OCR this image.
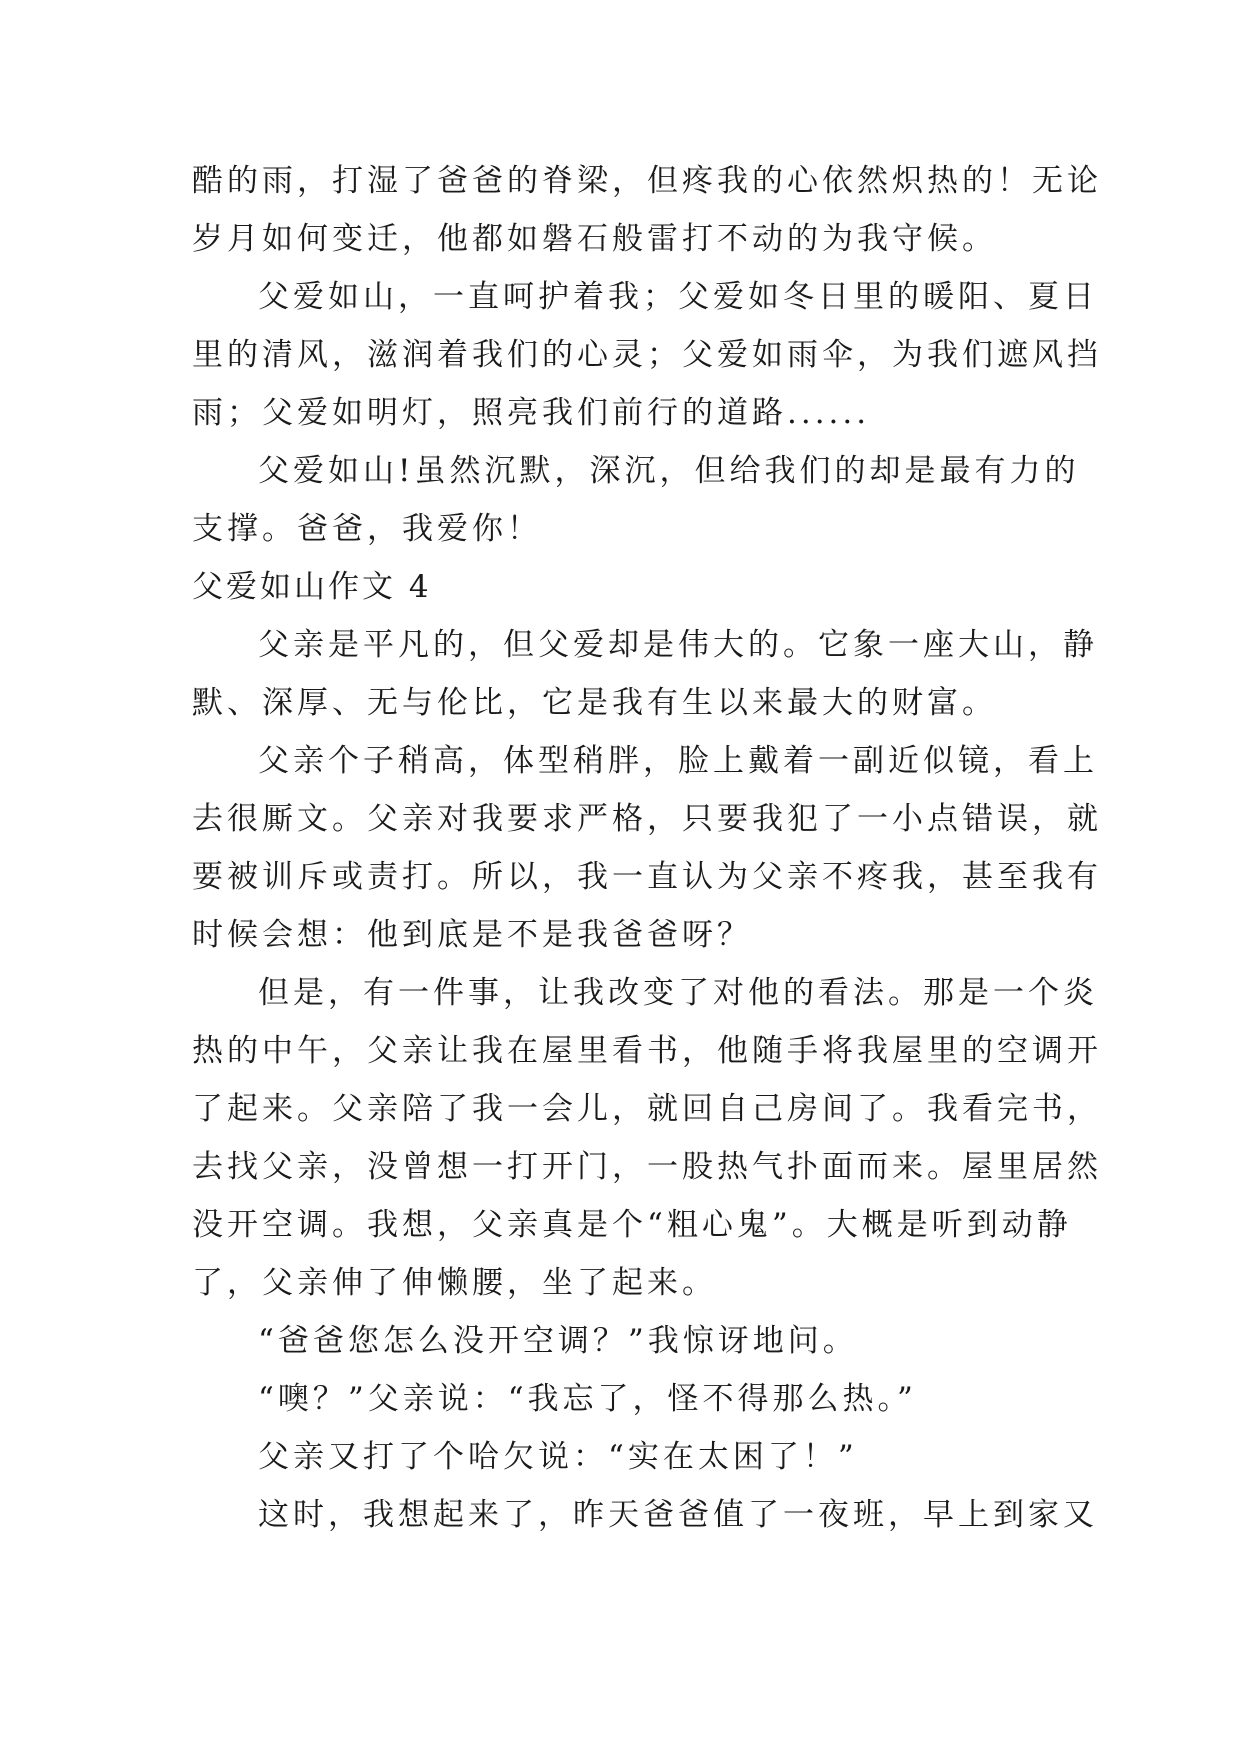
酷的雨，打湿了爸爸的脊梁，但疼我的心依然炽热的！无论
岁月如何变迁，他都如磐石般雷打不动的为我守候。
父爱如山，一直呵护着我；父爱如冬日里的暖阳、夏日
里的清风，滋润着我们的心灵；父爱如雨伞，为我们遮风挡
雨；父爱如明灯，照亮我们前行的道路......
父爱如山!虽然沉默，深沉，但给我们的却是最有力的
支撑。爸爸，我爱你！
父爱如山作文 4
父亲是平凡的，但父爱却是伟大的。它象一座大山，静
默、深厚、无与伦比，它是我有生以来最大的财富。
父亲个子稍高，体型稍胖，脸上戴着一副近似镜，看上
去很厮文。父亲对我要求严格，只要我犯了一小点错误，就
要被训斥或责打。所以，我一直认为父亲不疼我，甚至我有
时候会想：他到底是不是我爸爸呀？
但是，有一件事，让我改变了对他的看法。那是一个炎
热的中午，父亲让我在屋里看书，他随手将我屋里的空调开
了起来。父亲陪了我一会儿，就回自己房间了。我看完书，
去找父亲，没曾想一打开门，一股热气扑面而来。屋里居然
没开空调。我想，父亲真是个“粗心鬼”。大概是听到动静
了，父亲伸了伸懒腰，坐了起来。
“爸爸您怎么没开空调？”我惊讶地问。
“噢？”父亲说：“我忘了，怪不得那么热。”
父亲又打了个哈欠说：“实在太困了！”
这时，我想起来了，昨天爸爸值了一夜班，早上到家又
